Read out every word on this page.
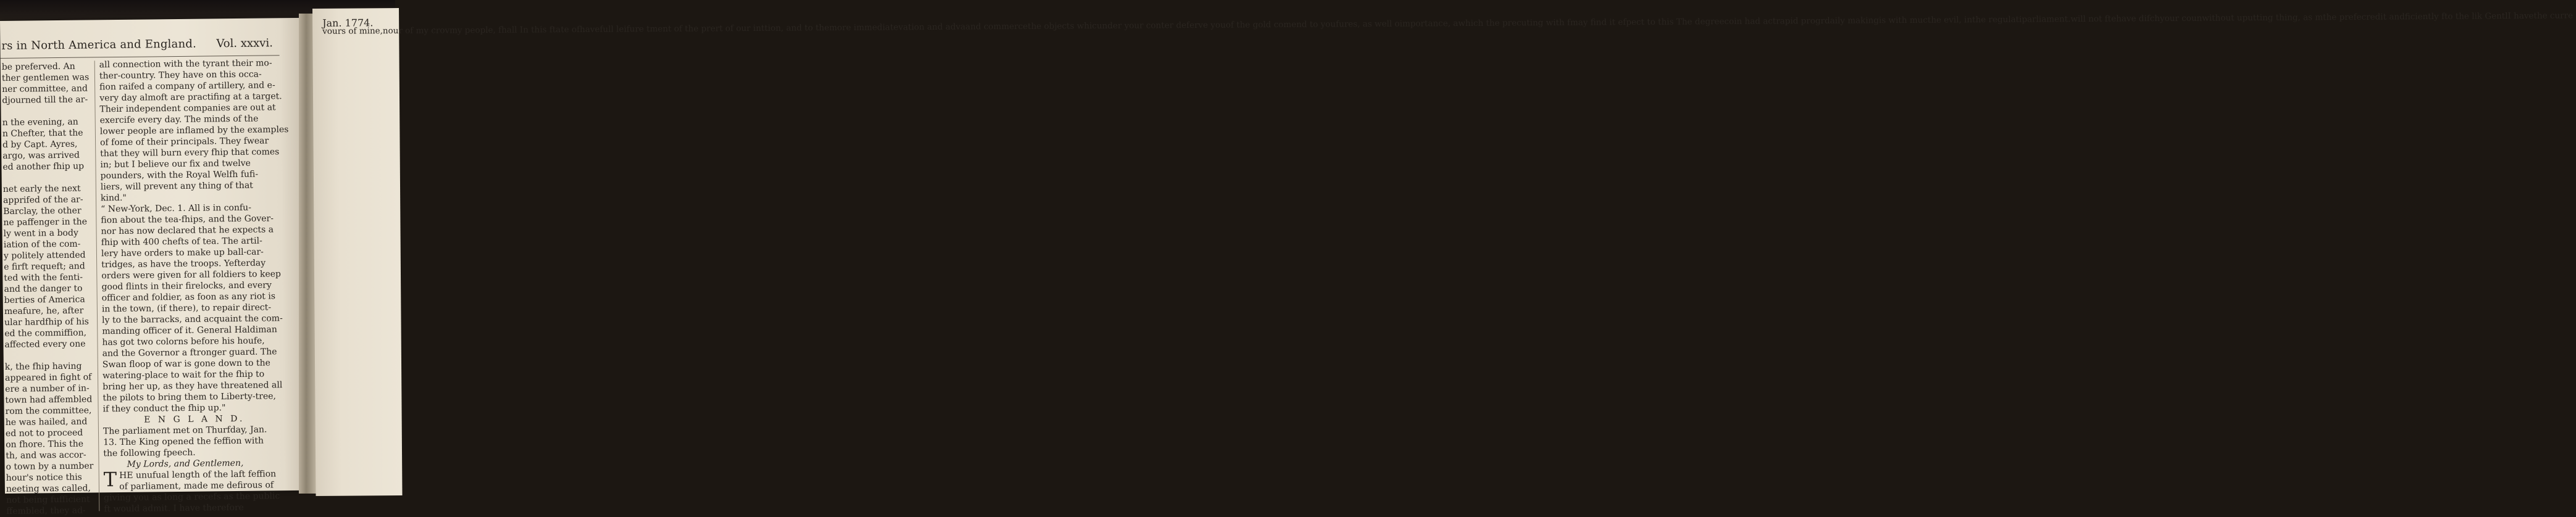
rs in North America and England. Vol. xxxvi.
be preferved. An
ther gentlemen was
ner committee, and
djourned till the ar-
n the evening, an
n Chefter, that the
d by Capt. Ayres,
argo, was arrived
ed another fhip up
net early the next
apprifed of the ar-
Barclay, the other
ne paffenger in the
ly went in a body
iation of the com-
y politely attended
e firft requeft; and
ted with the fenti-
and the danger to
berties of America
meafure, he, after
ular hardfhip of his
ed the commiffion,
affected every one
k, the fhip having
appeared in fight of
ere a number of in-
town had affembled
rom the committee,
he was hailed, and
ed not to proceed
on fhore. This the
th, and was accor-
o town by a number
hour's notice this
neeting was called,
not being fufficient
ffembled, they ad-
all connection with the tyrant their mo-
ther-country. They have on this occa-
fion raifed a company of artillery, and e-
very day almoft are practifing at a target.
Their independent companies are out at
exercife every day. The minds of the
lower people are inflamed by the examples
of fome of their principals. They fwear
that they will burn every fhip that comes
in; but I believe our fix and twelve
pounders, with the Royal Welfh fufi-
liers, will prevent any thing of that
kind."
“ New-York, Dec. 1. All is in confu-
fion about the tea-fhips, and the Gover-
nor has now declared that he expects a
fhip with 400 chefts of tea. The artil-
lery have orders to make up ball-car-
tridges, as have the troops. Yefterday
orders were given for all foldiers to keep
good flints in their firelocks, and every
officer and foldier, as foon as any riot is
in the town, (if there), to repair direct-
ly to the barracks, and acquaint the com-
manding officer of it. General Haldiman
has got two colorns before his houfe,
and the Governor a ftronger guard. The
Swan floop of war is gone down to the
watering-place to wait for the fhip to
bring her up, as they have threatened all
the pilots to bring them to Liberty-tree,
if they conduct the fhip up."
E N G L A N D.
The parliament met on Thurfday, Jan.
13. The King opened the feffion with
the following fpeech.
My Lords, and Gentlemen,
T HE unufual length of the laft feffion
of parliament, made me defirous of
giving you as long a recefs as the public
ft would admit. I have therefore
Jan. 1774.
vours of mine,nour of my crovmy people, fhall In this ftate ofhavefull leifure tment of the prert of our inttion, and to themore immediatevation and advaand commercethe objects whicunder your conter deferve youof the gold comend to youfures, as well oimportance, awhich the precuting with fmay find it efpect to this The degreecoin had actrapid progrdaily makingis with mucthe evil, inthe regulatiparliament.will not ftehave difchyour counwithout uputting thing, as mthe prefecredit andficiently fto the lik GentlI havethe curre
